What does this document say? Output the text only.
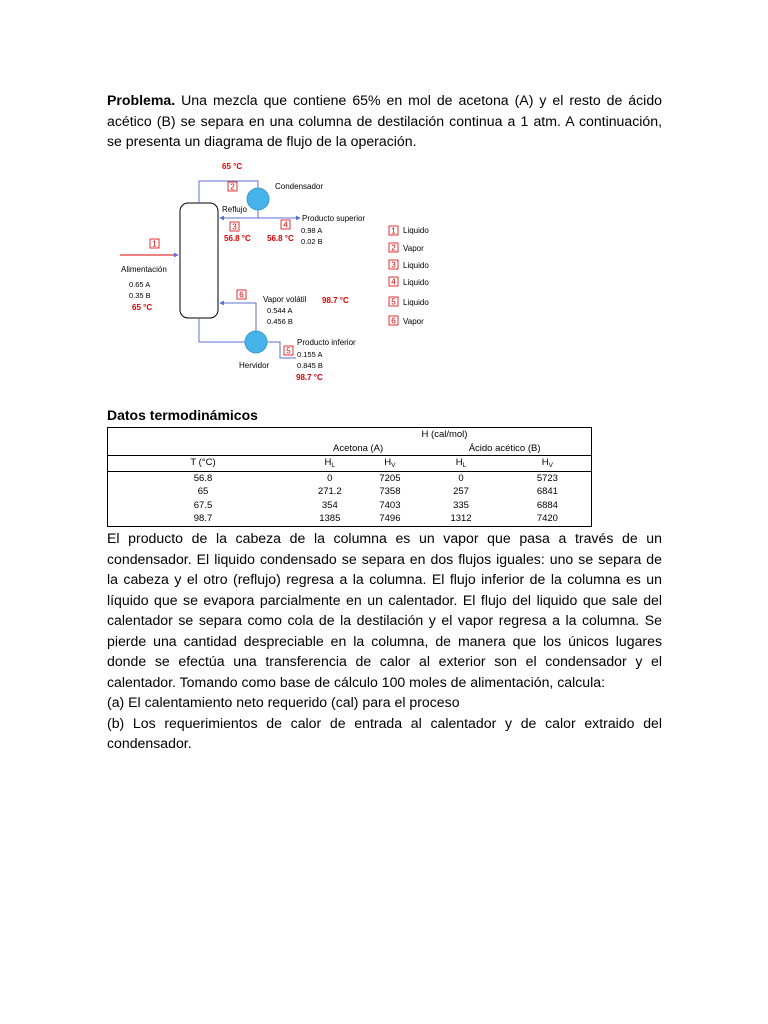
Problema. Una mezcla que contiene 65% en mol de acetona (A) y el resto de ácido acético (B) se separa en una columna de destilación continua a 1 atm. A continuación, se presenta un diagrama de flujo de la operación.

1
2
3	4
5
6
65 °C
Condensador
Reflujo
Producto superior
0.98 A
0.02 B
56.8 °C 56.8 °C
Alimentación
0.65 A
0.35 B
65 °C
Vapor volátil 98.7 °C
0.544 A
0.456 B
Hervidor
Producto inferior
0.155 A
0.845 B
98.7 °C
1 Liquido
2 Vapor
3 Liquido
4 Liquido
5 Liquido
6 Vapor

Datos termodinámicos

	H (cal/mol)			
	Acetona (A)		Ácido acético (B)	
T (°C)	$H_L$	$H_V$	$H_L$	$H_V$

56.8	0	7205	0	5723
65	271.2	7358	257	6841
67.5	354	7403	335	6884
98.7	1385	7496	1312	7420

El producto de la cabeza de la columna es un vapor que pasa a través de un condensador. El liquido condensado se separa en dos flujos iguales: uno se separa de la cabeza y el otro (reflujo) regresa a la columna. El flujo inferior de la columna es un líquido que se evapora parcialmente en un calentador. El flujo del liquido que sale del calentador se separa como cola de la destilación y el vapor regresa a la columna. Se pierde una cantidad despreciable en la columna, de manera que los únicos lugares donde se efectúa una transferencia de calor al exterior son el condensador y el calentador. Tomando como base de cálculo 100 moles de alimentación, calcula:

(a) El calentamiento neto requerido (cal) para el proceso

(b) Los requerimientos de calor de entrada al calentador y de calor extraido del condensador.
